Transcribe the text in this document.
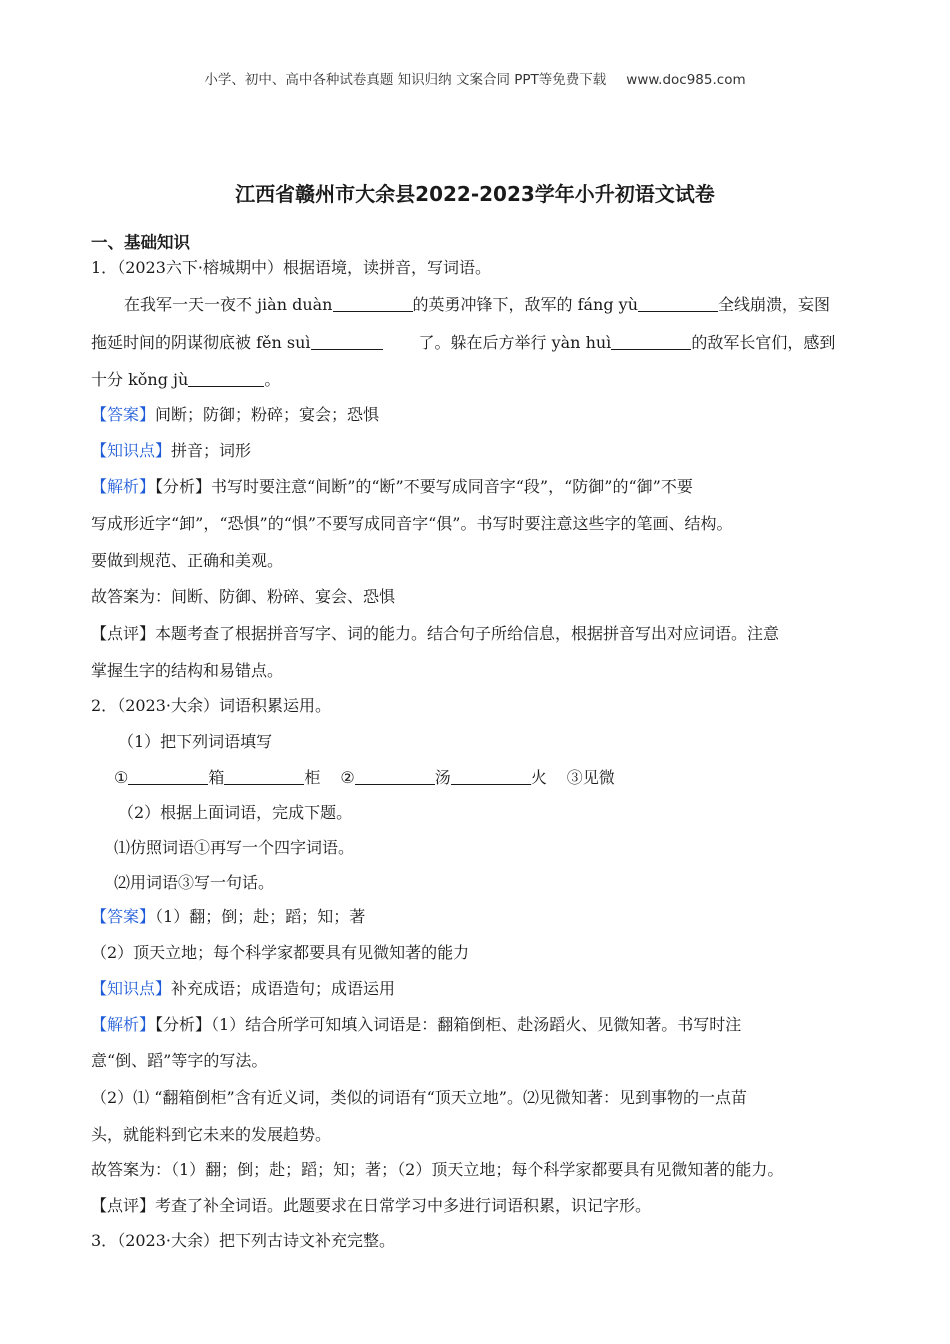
小学、初中、高中各种试卷真题 知识归纳 文案合同 PPT等免费下载 www.doc985.com
江西省赣州市大余县2022-2023学年小升初语文试卷
一、基础知识
1．（2023六下·榕城期中）根据语境，读拼音，写词语。
在我军一天一夜不 jiàn duàn	的英勇冲锋下，敌军的 fáng yù	全线崩溃，妄图
拖延时间的阴谋彻底被 fěn suì	了。躲在后方举行 yàn huì	的敌军长官们，感到
十分 kǒng jù	。
【答案】间断；防御；粉碎；宴会；恐惧
【知识点】拼音；词形
【解析】【分析】书写时要注意“间断”的“断”不要写成同音字“段”，“防御”的“御”不要
写成形近字“卸”，“恐惧”的“惧”不要写成同音字“俱”。书写时要注意这些字的笔画、结构。
要做到规范、正确和美观。
故答案为：间断、防御、粉碎、宴会、恐惧
【点评】本题考查了根据拼音写字、词的能力。结合句子所给信息，根据拼音写出对应词语。注意
掌握生字的结构和易错点。
2．（2023·大余）词语积累运用。
（1）把下列词语填写
①	箱	柜 ②	汤	火 ③见微
（2）根据上面词语，完成下题。
⑴仿照词语①再写一个四字词语。
⑵用词语③写一句话。
【答案】（1）翻；倒；赴；蹈；知；著
（2）顶天立地；每个科学家都要具有见微知著的能力
【知识点】补充成语；成语造句；成语运用
【解析】【分析】（1）结合所学可知填入词语是：翻箱倒柜、赴汤蹈火、见微知著。书写时注
意“倒、蹈”等字的写法。
（2）⑴ “翻箱倒柜”含有近义词，类似的词语有“顶天立地”。⑵见微知著：见到事物的一点苗
头，就能料到它未来的发展趋势。
故答案为：（1）翻；倒；赴；蹈；知；著；（2）顶天立地；每个科学家都要具有见微知著的能力。
【点评】考查了补全词语。此题要求在日常学习中多进行词语积累，识记字形。
3．（2023·大余）把下列古诗文补充完整。
